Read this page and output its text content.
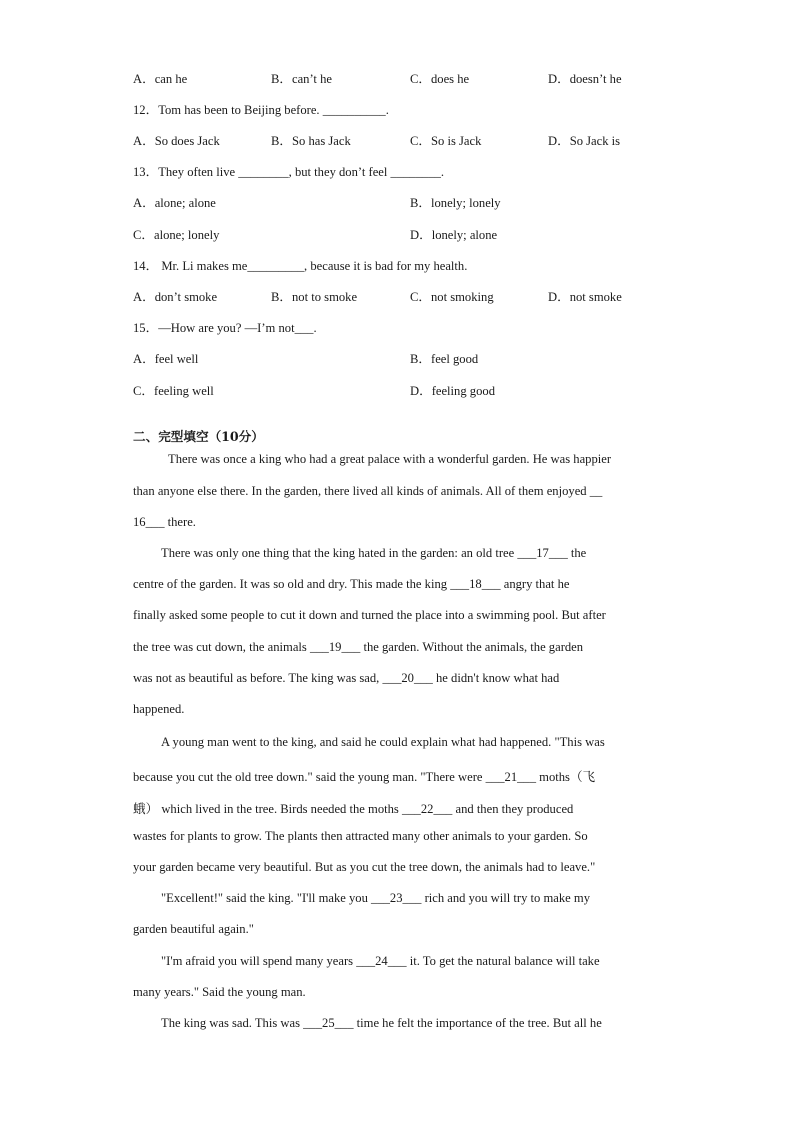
A．can he	B．can’t he	C．does he	D．doesn’t he
12．Tom has been to Beijing before. __________.
A．So does Jack	B．So has Jack	C．So is Jack	D．So Jack is
13．They often live ________, but they don’t feel ________.
A．alone; alone	B．lonely; lonely
C．alone; lonely	D．lonely; alone
14． Mr. Li makes me_________, because it is bad for my health.
A．don’t smoke	B．not to smoke	C．not smoking	D．not smoke
15．—How are you? —I’m not___.
A．feel well	B．feel good
C．feeling well	D．feeling good
二、完型填空（10分）
There was once a king who had a great palace with a wonderful garden. He was happier
than anyone else there. In the garden, there lived all kinds of animals. All of them enjoyed __
16___ there.
There was only one thing that the king hated in the garden: an old tree ___17___ the
centre of the garden. It was so old and dry. This made the king ___18___ angry that he
finally asked some people to cut it down and turned the place into a swimming pool. But after
the tree was cut down, the animals ___19___ the garden. Without the animals, the garden
was not as beautiful as before. The king was sad, ___20___ he didn't know what had
happened.
A young man went to the king, and said he could explain what had happened. "This was
because you cut the old tree down." said the young man. "There were ___21___ moths（飞
蛾） which lived in the tree. Birds needed the moths ___22___ and then they produced
wastes for plants to grow. The plants then attracted many other animals to your garden. So
your garden became very beautiful. But as you cut the tree down, the animals had to leave."
"Excellent!" said the king. "I'll make you ___23___ rich and you will try to make my
garden beautiful again."
"I'm afraid you will spend many years ___24___ it. To get the natural balance will take
many years." Said the young man.
The king was sad. This was ___25___ time he felt the importance of the tree. But all he
